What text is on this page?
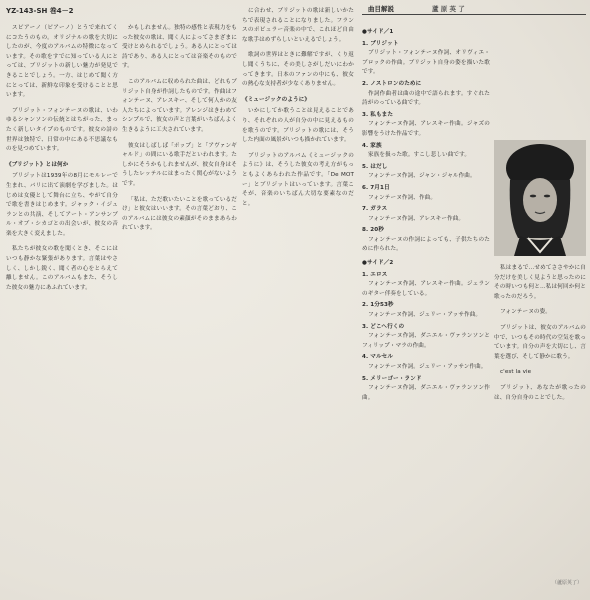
YZ-143-SH 巻4－2	曲目解説	蘆 原 英 了

スピアーノ（ピアーノ）とうで来れてくにコたうのもの。オリジナルの歌を大切にしたのが、今度のアルバムの特徴になっています。その歌をすでに知っている人にとっては、ブリジットの新しい魅力が発見できることでしょう。一方、はじめて聞く方にとっては、新鮮な印象を受けることと思います。

ブリジット・フォンテーヌの歌は、いわゆるシャンソンの伝統とはちがった、まったく新しいタイプのものです。彼女の詩の世界は独特で、日常の中にある不思議なものを見つめています。

《ブリジット》とは何か

ブリジットは1939年の8月にモルレーで生まれ、パリに出て演劇を学びました。はじめは女優として舞台に立ち、やがて自分で歌を書きはじめます。ジャック・イジュランとの共演、そしてアート・アンサンブル・オブ・シカゴとの出会いが、彼女の音楽を大きく変えました。

私たちが彼女の歌を聞くとき、そこにはいつも静かな緊張があります。言葉はやさしく、しかし鋭く、聞く者の心をとらえて離しません。このアルバムもまた、そうした彼女の魅力にあふれています。

かもしれません。独特の感性と表現力をもった彼女の歌は、聞く人によってさまざまに受けとめられるでしょう。ある人にとっては詩であり、ある人にとっては音楽そのものです。

このアルバムに収められた曲は、どれもブリジット自身が作詞したものです。作曲はフォンテーヌ、アレスキー、そして何人かの友人たちによっています。アレンジはきわめてシンプルで、彼女の声と言葉がいちばんよく生きるように工夫されています。

彼女はしばしば「ポップ」と「アヴァンギャルド」の間にいる歌手だといわれます。たしかにそうかもしれませんが、彼女自身はそうしたレッテルにはまったく関心がないようです。

「私は、ただ歌いたいことを歌っているだけ」と彼女はいいます。その言葉どおり、このアルバムには彼女の素顔がそのままあらわれています。

に合わせ、ブリジットの歌は新しいかたちで表現されることになりました。フランスのポピュラー音楽の中で、これほど自由な歌手はめずらしいといえるでしょう。

歌詞の世界はときに難解ですが、くり返し聞くうちに、その美しさがしだいにわかってきます。日本のファンの中にも、彼女の熱心な支持者が少なくありません。

《ミュージックのように》

いかにしてか歌うことは見えることであり、それぞれの人が自分の中に見えるものを歌うのです。ブリジットの歌には、そうした内面の風景がいつも描かれています。

ブリジットのアルバム《ミュージックのように》は、そうした彼女の考え方がもっともよくあらわれた作品です。「De MOT ー」とブリジットはいっています。言葉こそが、音楽のいちばん大切な要素なのだと。

●サイド／1
1. ブリジット
ブリジット・フォンテーヌ作詞、オリヴィエ・ブロックの作曲。ブリジット自身の姿を描いた歌です。
2. ノストロンのために
作詞作曲者は曲の途中で語られます。すぐれた詩がのっている曲です。
3. 私もまた
フォンテーヌ作詞、アレスキー作曲。ジャズの影響をうけた作品です。
4. 家族
家族を扱った歌。すこし悲しい曲です。
5. はだし
フォンテーヌ作詞、ジャン・ジャル作曲。
6. 7月1日
フォンテーヌ作詞、作曲。
7. ガラス
フォンテーヌ作詞、アレスキー作曲。
8. 20秒
フォンテーヌの作詞によっても、子供たちのために作られた。
●サイド／2
1. エロス
フォンテーヌ作詞、アレスキー作曲。ジェランのギター伴奏をしている。
2. 1分53秒
フォンテーヌ作詞、ジュリー・アッサ作曲。
3. どこへ行くの
フォンテーヌ作詞、ダニエル・ヴァランソンとフィリップ・マラの作曲。
4. マルセル
フォンテーヌ作詞。ジュリー・アッサン作曲。
5. メリーゴー・ランド
フォンテーヌ作詞、ダニエル・ヴァランソン作曲。

私はまるで…せめてささやかに自分だけを美しく見ようと思ったのにその時いつも何と…私は何回か何と歌ったのだろう。

フォンテーヌの姿。

ブリジットは、彼女のアルバムの中で、いつもその時代の空気を歌っています。自分の声を大切にし、言葉を選び、そして静かに歌う。

c'est la vie

ブリジット、あなたが歌ったのは、自分自身のことでした。

（蘆原英了）
